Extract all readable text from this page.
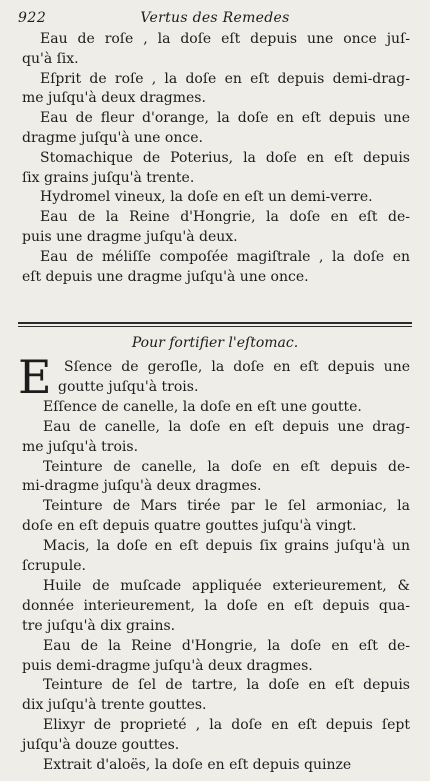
922	Vertus des Remedes
Eau de roſe , la doſe eſt depuis une once juſ-
qu'à ſix.
Eſprit de roſe , la doſe en eſt depuis demi-drag-
me juſqu'à deux dragmes.
Eau de fleur d'orange, la doſe en eſt depuis une
dragme juſqu'à une once.
Stomachique de Poterius, la doſe en eſt depuis
ſix grains juſqu'à trente.
Hydromel vineux, la doſe en eſt un demi-verre.
Eau de la Reine d'Hongrie, la doſe en eſt de-
puis une dragme juſqu'à deux.
Eau de méliſſe compoſée magiſtrale , la doſe en
eſt depuis une dragme juſqu'à une once.
Pour fortifier l'eſtomac.
E Sſence de geroſle, la doſe en eſt depuis une
goutte juſqu'à trois.
Eſſence de canelle, la doſe en eſt une goutte.
Eau de canelle, la doſe en eſt depuis une drag-
me juſqu'à trois.
Teinture de canelle, la doſe en eſt depuis de-
mi-dragme juſqu'à deux dragmes.
Teinture de Mars tirée par le ſel armoniac, la
doſe en eſt depuis quatre gouttes juſqu'à vingt.
Macis, la doſe en eſt depuis ſix grains juſqu'à un
ſcrupule.
Huile de muſcade appliquée exterieurement, &
donnée interieurement, la doſe en eſt depuis qua-
tre juſqu'à dix grains.
Eau de la Reine d'Hongrie, la doſe en eſt de-
puis demi-dragme juſqu'à deux dragmes.
Teinture de ſel de tartre, la doſe en eſt depuis
dix juſqu'à trente gouttes.
Elixyr de proprieté , la doſe en eſt depuis ſept
juſqu'à douze gouttes.
Extrait d'aloës, la doſe en eſt depuis quinze
